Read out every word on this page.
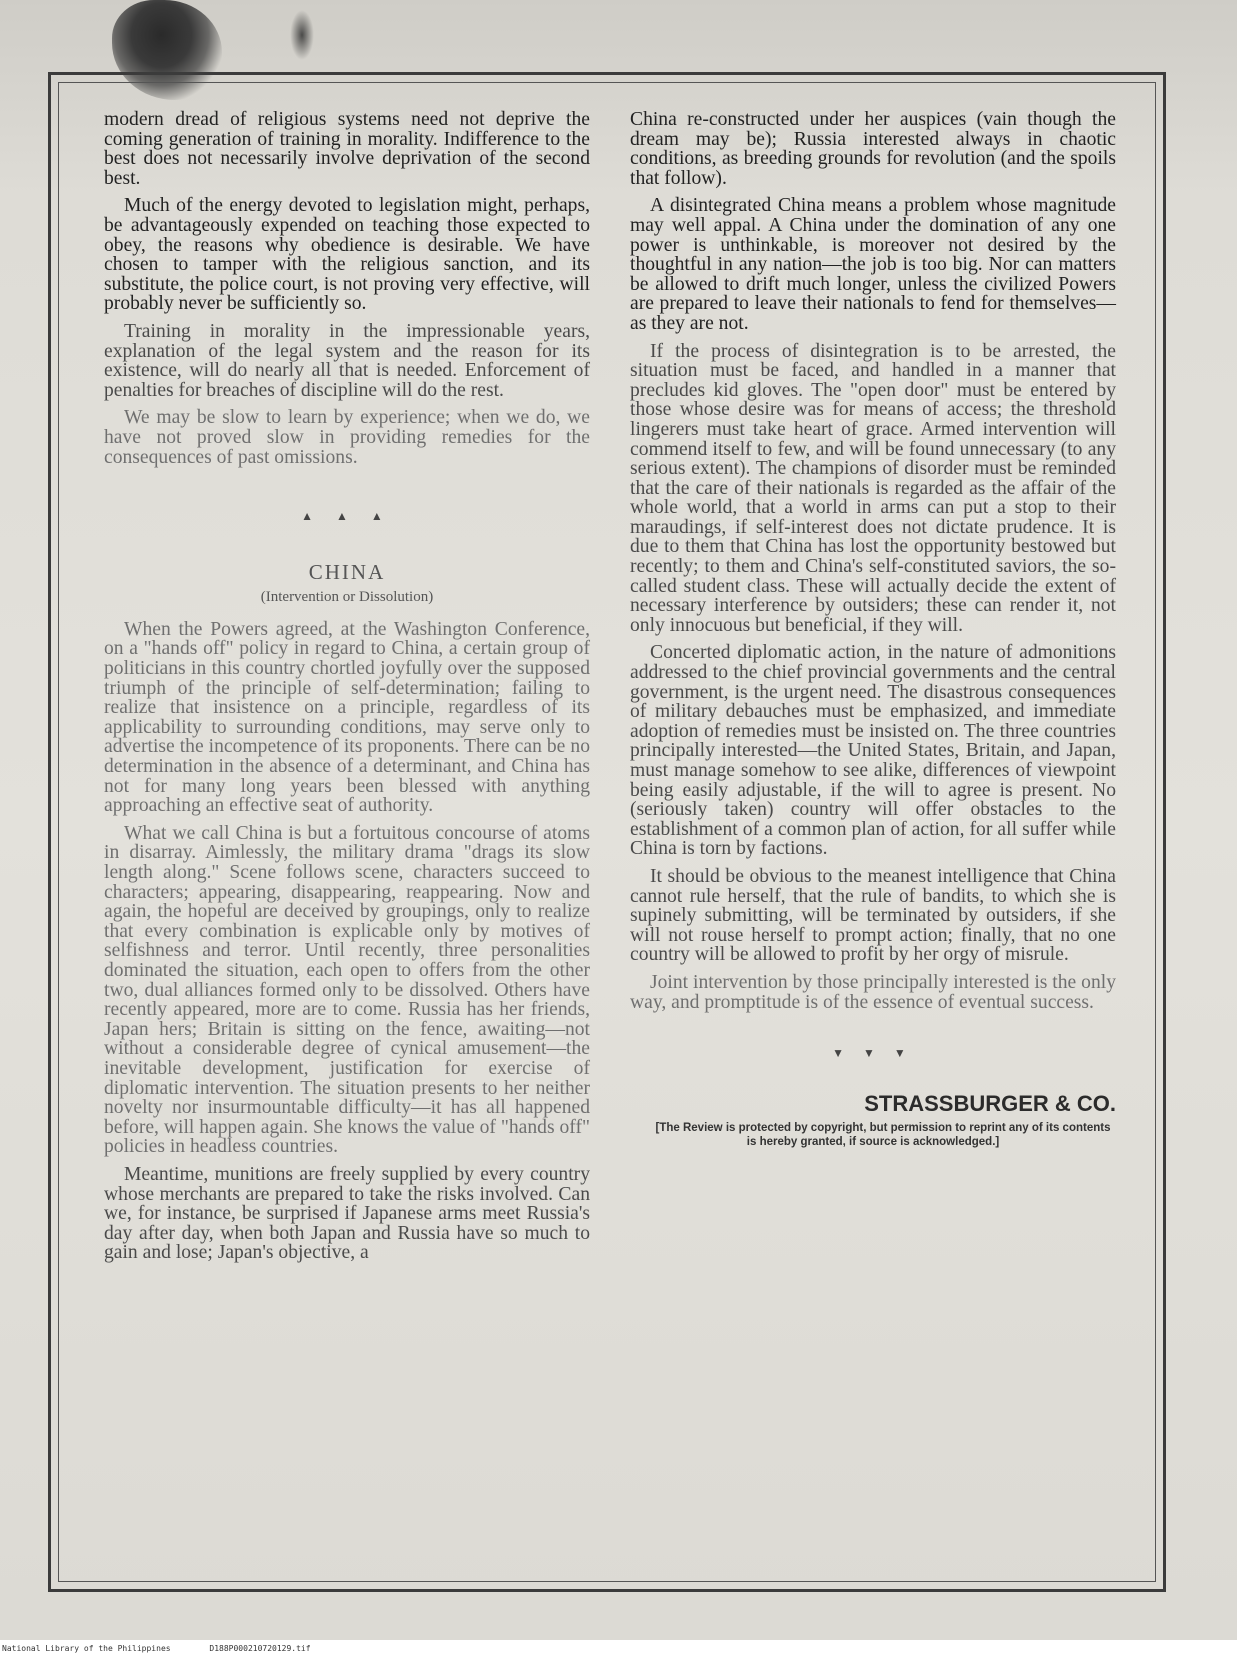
modern dread of religious systems need not deprive the coming generation of training in morality. Indifference to the best does not necessarily involve deprivation of the second best.

Much of the energy devoted to legislation might, perhaps, be advantageously expended on teaching those expected to obey, the reasons why obedience is desirable. We have chosen to tamper with the religious sanction, and its substitute, the police court, is not proving very effective, will probably never be sufficiently so.

Training in morality in the impressionable years, explanation of the legal system and the reason for its existence, will do nearly all that is needed. Enforcement of penalties for breaches of discipline will do the rest.

We may be slow to learn by experience; when we do, we have not proved slow in providing remedies for the consequences of past omissions.

▲ ▲ ▲
CHINA
(Intervention or Dissolution)

When the Powers agreed, at the Washington Conference, on a "hands off" policy in regard to China, a certain group of politicians in this country chortled joyfully over the supposed triumph of the principle of self-determination; failing to realize that insistence on a principle, regardless of its applicability to surrounding conditions, may serve only to advertise the incompetence of its proponents. There can be no determination in the absence of a determinant, and China has not for many long years been blessed with anything approaching an effective seat of authority.

What we call China is but a fortuitous concourse of atoms in disarray. Aimlessly, the military drama "drags its slow length along." Scene follows scene, characters succeed to characters; appearing, disappearing, reappearing. Now and again, the hopeful are deceived by groupings, only to realize that every combination is explicable only by motives of selfishness and terror. Until recently, three personalities dominated the situation, each open to offers from the other two, dual alliances formed only to be dissolved. Others have recently appeared, more are to come. Russia has her friends, Japan hers; Britain is sitting on the fence, awaiting—not without a considerable degree of cynical amusement—the inevitable development, justification for exercise of diplomatic intervention. The situation presents to her neither novelty nor insurmountable difficulty—it has all happened before, will happen again. She knows the value of "hands off" policies in headless countries.

Meantime, munitions are freely supplied by every country whose merchants are prepared to take the risks involved. Can we, for instance, be surprised if Japanese arms meet Russia's day after day, when both Japan and Russia have so much to gain and lose; Japan's objective, a

China re-constructed under her auspices (vain though the dream may be); Russia interested always in chaotic conditions, as breeding grounds for revolution (and the spoils that follow).

A disintegrated China means a problem whose magnitude may well appal. A China under the domination of any one power is unthinkable, is moreover not desired by the thoughtful in any nation—the job is too big. Nor can matters be allowed to drift much longer, unless the civilized Powers are prepared to leave their nationals to fend for themselves—as they are not.

If the process of disintegration is to be arrested, the situation must be faced, and handled in a manner that precludes kid gloves. The "open door" must be entered by those whose desire was for means of access; the threshold lingerers must take heart of grace. Armed intervention will commend itself to few, and will be found unnecessary (to any serious extent). The champions of disorder must be reminded that the care of their nationals is regarded as the affair of the whole world, that a world in arms can put a stop to their maraudings, if self-interest does not dictate prudence. It is due to them that China has lost the opportunity bestowed but recently; to them and China's self-constituted saviors, the so-called student class. These will actually decide the extent of necessary interference by outsiders; these can render it, not only innocuous but beneficial, if they will.

Concerted diplomatic action, in the nature of admonitions addressed to the chief provincial governments and the central government, is the urgent need. The disastrous consequences of military debauches must be emphasized, and immediate adoption of remedies must be insisted on. The three countries principally interested—the United States, Britain, and Japan, must manage somehow to see alike, differences of viewpoint being easily adjustable, if the will to agree is present. No (seriously taken) country will offer obstacles to the establishment of a common plan of action, for all suffer while China is torn by factions.

It should be obvious to the meanest intelligence that China cannot rule herself, that the rule of bandits, to which she is supinely submitting, will be terminated by outsiders, if she will not rouse herself to prompt action; finally, that no one country will be allowed to profit by her orgy of misrule.

Joint intervention by those principally interested is the only way, and promptitude is of the essence of eventual success.

▼ ▼ ▼

STRASSBURGER & CO.

[The Review is protected by copyright, but permission to reprint any of its contents is hereby granted, if source is acknowledged.]

National Library of the Philippines	D188P00021072012​9.tif
